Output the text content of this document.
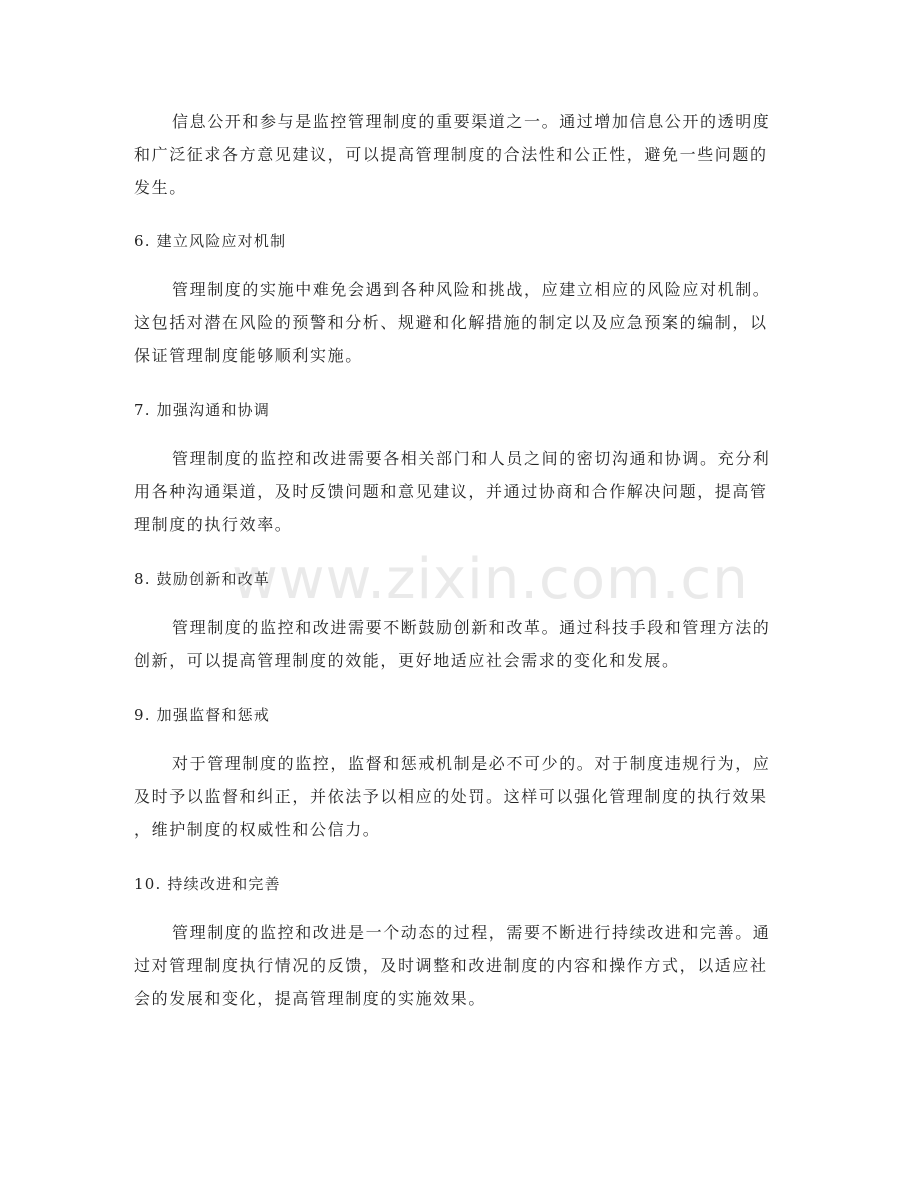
www.zixin.com.cn
信息公开和参与是监控管理制度的重要渠道之一。通过增加信息公开的透明度
和广泛征求各方意见建议，可以提高管理制度的合法性和公正性，避免一些问题的
发生。
6. 建立风险应对机制
管理制度的实施中难免会遇到各种风险和挑战，应建立相应的风险应对机制。
这包括对潜在风险的预警和分析、规避和化解措施的制定以及应急预案的编制，以
保证管理制度能够顺利实施。
7. 加强沟通和协调
管理制度的监控和改进需要各相关部门和人员之间的密切沟通和协调。充分利
用各种沟通渠道，及时反馈问题和意见建议，并通过协商和合作解决问题，提高管
理制度的执行效率。
8. 鼓励创新和改革
管理制度的监控和改进需要不断鼓励创新和改革。通过科技手段和管理方法的
创新，可以提高管理制度的效能，更好地适应社会需求的变化和发展。
9. 加强监督和惩戒
对于管理制度的监控，监督和惩戒机制是必不可少的。对于制度违规行为，应
及时予以监督和纠正，并依法予以相应的处罚。这样可以强化管理制度的执行效果
，维护制度的权威性和公信力。
10. 持续改进和完善
管理制度的监控和改进是一个动态的过程，需要不断进行持续改进和完善。通
过对管理制度执行情况的反馈，及时调整和改进制度的内容和操作方式，以适应社
会的发展和变化，提高管理制度的实施效果。
